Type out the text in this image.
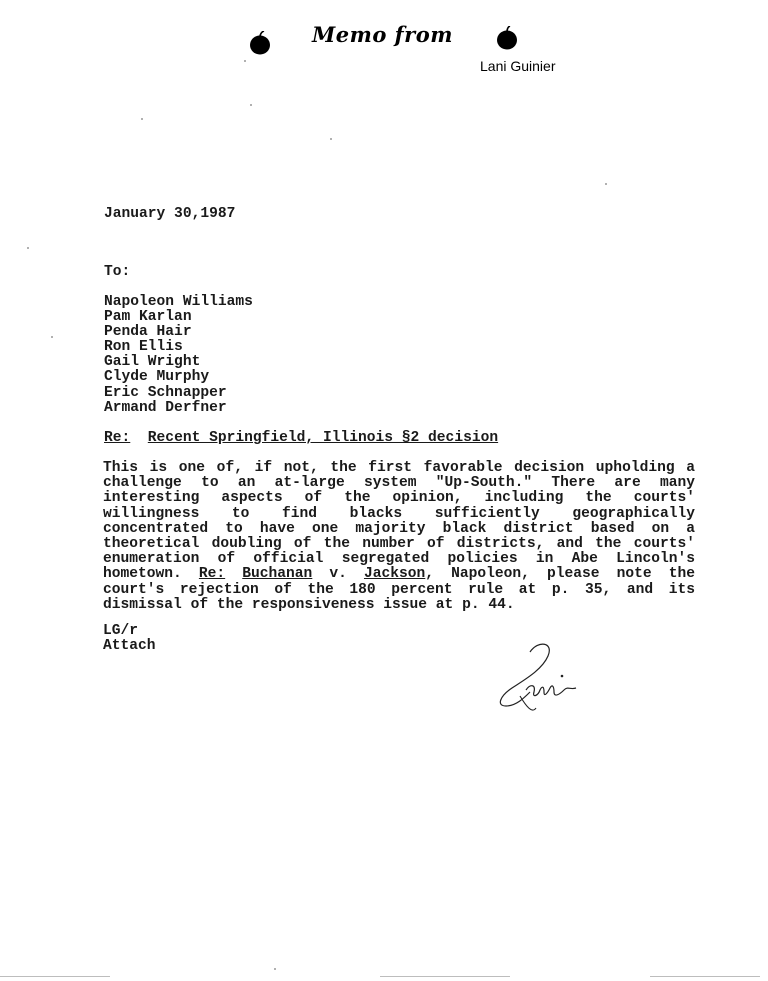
Memo from
Lani Guinier
January 30,1987
To:
Napoleon Williams
Pam Karlan
Penda Hair
Ron Ellis
Gail Wright
Clyde Murphy
Eric Schnapper
Armand Derfner
Re: Recent Springfield, Illinois §2 decision
This is one of, if not, the first favorable decision upholding a
challenge to an at-large system "Up-South." There are many
interesting aspects of the opinion, including the courts'
willingness to find blacks sufficiently geographically
concentrated to have one majority black district based on a
theoretical doubling of the number of districts, and the courts'
enumeration of official segregated policies in Abe Lincoln's
hometown. Re: Buchanan v. Jackson, Napoleon, please note the
court's rejection of the 180 percent rule at p. 35, and its
dismissal of the responsiveness issue at p. 44.
LG/r
Attach
